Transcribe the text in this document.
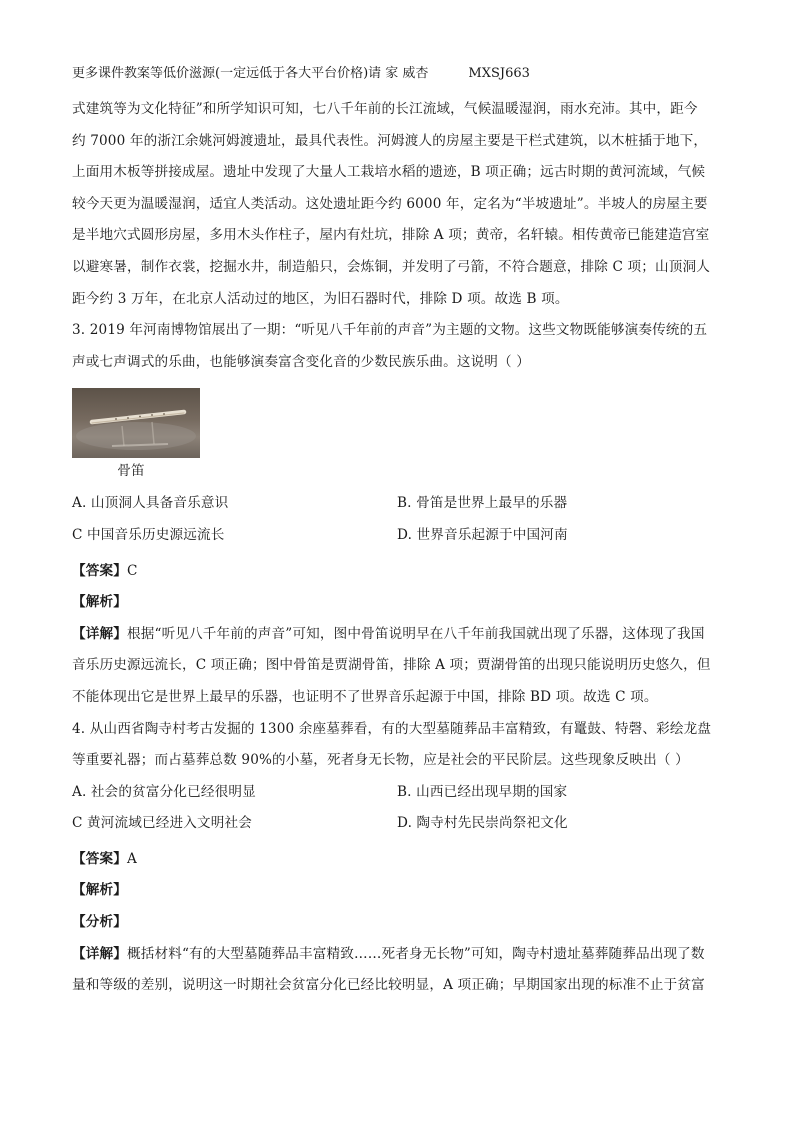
更多课件教案等低价滋源(一定远低于各大平台价格)请 家 威杏	MXSJ663

式建筑等为文化特征”和所学知识可知，七八千年前的长江流域，气候温暖湿润，雨水充沛。其中，距今

约 7000 年的浙江余姚河姆渡遗址，最具代表性。河姆渡人的房屋主要是干栏式建筑，以木桩插于地下，

上面用木板等拼接成屋。遗址中发现了大量人工栽培水稻的遗迹，B 项正确；远古时期的黄河流域，气候

较今天更为温暖湿润，适宜人类活动。这处遗址距今约 6000 年，定名为“半坡遗址”。半坡人的房屋主要

是半地穴式圆形房屋，多用木头作柱子，屋内有灶坑，排除 A 项；黄帝，名轩辕。相传黄帝已能建造宫室

以避寒暑，制作衣裳，挖掘水井，制造船只，会炼铜，并发明了弓箭，不符合题意，排除 C 项；山顶洞人

距今约 3 万年，在北京人活动过的地区，为旧石器时代，排除 D 项。故选 B 项。

3. 2019 年河南博物馆展出了一期：“听见八千年前的声音”为主题的文物。这些文物既能够演奏传统的五

声或七声调式的乐曲，也能够演奏富含变化音的少数民族乐曲。这说明（ ）

骨笛
A. 山顶洞人具备音乐意识	B. 骨笛是世界上最早的乐器
C 中国音乐历史源远流长	D. 世界音乐起源于中国河南

【答案】C

【解析】

【详解】根据“听见八千年前的声音”可知，图中骨笛说明早在八千年前我国就出现了乐器，这体现了我国

音乐历史源远流长，C 项正确；图中骨笛是贾湖骨笛，排除 A 项；贾湖骨笛的出现只能说明历史悠久，但

不能体现出它是世界上最早的乐器，也证明不了世界音乐起源于中国，排除 BD 项。故选 C 项。

4. 从山西省陶寺村考古发掘的 1300 余座墓葬看，有的大型墓随葬品丰富精致，有鼍鼓、特磬、彩绘龙盘

等重要礼器；而占墓葬总数 90%的小墓，死者身无长物，应是社会的平民阶层。这些现象反映出（ ）

A. 社会的贫富分化已经很明显	B. 山西已经出现早期的国家
C 黄河流域已经进入文明社会	D. 陶寺村先民崇尚祭祀文化

【答案】A

【解析】

【分析】

【详解】概括材料“有的大型墓随葬品丰富精致……死者身无长物”可知，陶寺村遗址墓葬随葬品出现了数

量和等级的差别，说明这一时期社会贫富分化已经比较明显，A 项正确；早期国家出现的标准不止于贫富
